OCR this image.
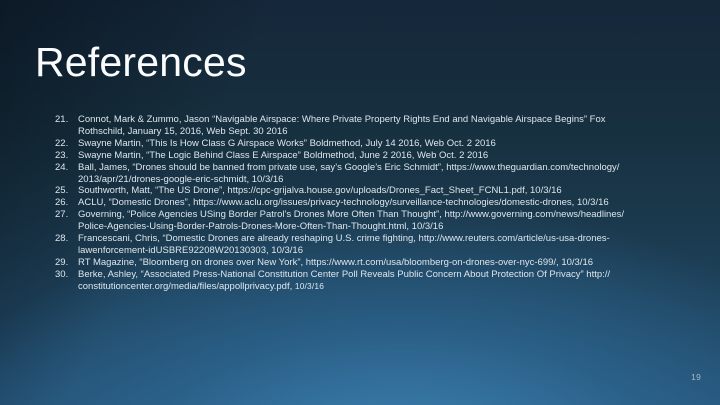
References
21.	Connot, Mark & Zummo, Jason “Navigable Airspace: Where Private Property Rights End and Navigable Airspace Begins” Fox
Rothschild, January 15, 2016, Web Sept. 30 2016
22.	Swayne Martin, “This Is How Class G Airspace Works” Boldmethod, July 14 2016, Web Oct. 2 2016
23.	Swayne Martin, “The Logic Behind Class E Airspace” Boldmethod, June 2 2016, Web Oct. 2 2016
24.	Ball, James, “Drones should be banned from private use, say’s Google’s Eric Schmidt”, https://www.theguardian.com/technology/
2013/apr/21/drones-google-eric-schmidt, 10/3/16
25.	Southworth, Matt, “The US Drone”, https://cpc-grijalva.house.gov/uploads/Drones_Fact_Sheet_FCNL1.pdf, 10/3/16
26.	ACLU, “Domestic Drones”, https://www.aclu.org/issues/privacy-technology/surveillance-technologies/domestic-drones, 10/3/16
27.	Governing, “Police Agencies USing Border Patrol’s Drones More Often Than Thought”, http://www.governing.com/news/headlines/
Police-Agencies-Using-Border-Patrols-Drones-More-Often-Than-Thought.html, 10/3/16
28.	Francescani, Chris, “Domestic Drones are already reshaping U.S. crime fighting, http://www.reuters.com/article/us-usa-drones-
lawenforcement-idUSBRE92208W20130303, 10/3/16
29.	RT Magazine, “Bloomberg on drones over New York”, https://www.rt.com/usa/bloomberg-on-drones-over-nyc-699/, 10/3/16
30.	Berke, Ashley, “Associated Press-National Constitution Center Poll Reveals Public Concern About Protection Of Privacy” http://
constitutioncenter.org/media/files/appollprivacy.pdf, 10/3/16
19
